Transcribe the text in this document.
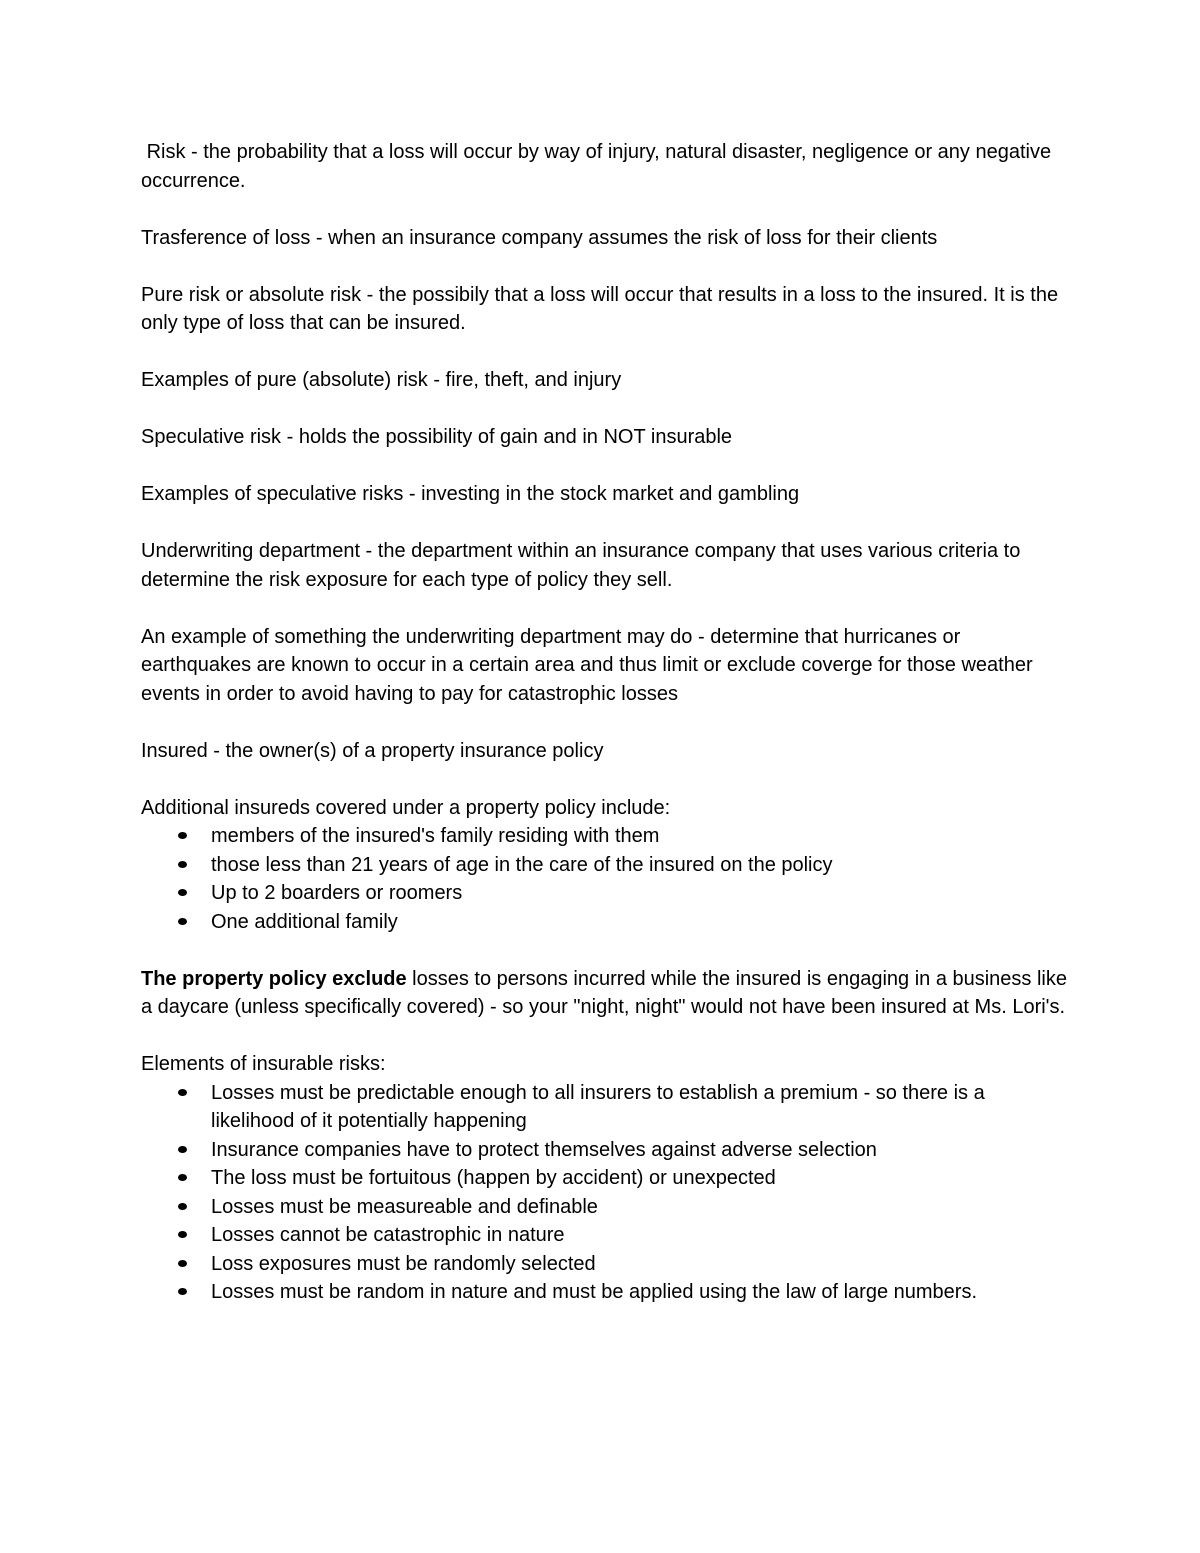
Risk - the probability that a loss will occur by way of injury, natural disaster, negligence or any negative occurrence.

Trasference of loss - when an insurance company assumes the risk of loss for their clients

Pure risk or absolute risk - the possibily that a loss will occur that results in a loss to the insured. It is the only type of loss that can be insured.

Examples of pure (absolute) risk - fire, theft, and injury

Speculative risk - holds the possibility of gain and in NOT insurable

Examples of speculative risks - investing in the stock market and gambling

Underwriting department - the department within an insurance company that uses various criteria to determine the risk exposure for each type of policy they sell.

An example of something the underwriting department may do - determine that hurricanes or earthquakes are known to occur in a certain area and thus limit or exclude coverge for those weather events in order to avoid having to pay for catastrophic losses

Insured - the owner(s) of a property insurance policy

Additional insureds covered under a property policy include:

members of the insured's family residing with them
those less than 21 years of age in the care of the insured on the policy
Up to 2 boarders or roomers
One additional family

The property policy exclude losses to persons incurred while the insured is engaging in a business like a daycare (unless specifically covered) - so your "night, night" would not have been insured at Ms. Lori's.

Elements of insurable risks:

Losses must be predictable enough to all insurers to establish a premium - so there is a likelihood of it potentially happening
Insurance companies have to protect themselves against adverse selection
The loss must be fortuitous (happen by accident) or unexpected
Losses must be measureable and definable
Losses cannot be catastrophic in nature
Loss exposures must be randomly selected
Losses must be random in nature and must be applied using the law of large numbers.
